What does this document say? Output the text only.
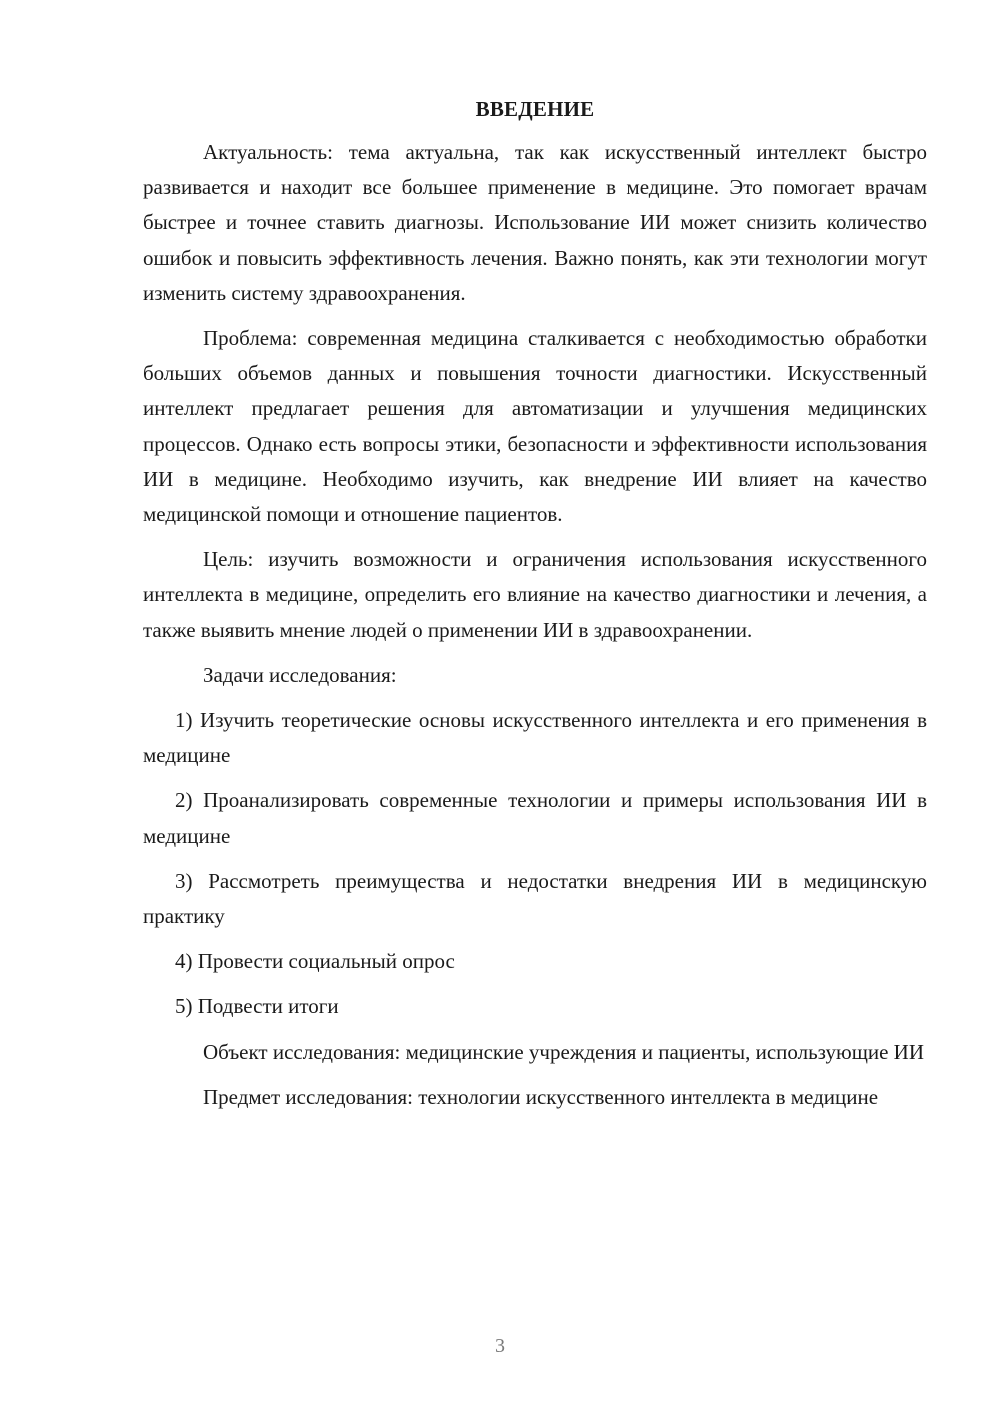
ВВЕДЕНИЕ

Актуальность: тема актуальна, так как искусственный интеллект быстро развивается и находит все большее применение в медицине. Это помогает врачам быстрее и точнее ставить диагнозы. Использование ИИ может снизить количество ошибок и повысить эффективность лечения. Важно понять, как эти технологии могут изменить систему здравоохранения.

Проблема: современная медицина сталкивается с необходимостью обработки больших объемов данных и повышения точности диагностики. Искусственный интеллект предлагает решения для автоматизации и улучшения медицинских процессов. Однако есть вопросы этики, безопасности и эффективности использования ИИ в медицине. Необходимо изучить, как внедрение ИИ влияет на качество медицинской помощи и отношение пациентов.

Цель: изучить возможности и ограничения использования искусственного интеллекта в медицине, определить его влияние на качество диагностики и лечения, а также выявить мнение людей о применении ИИ в здравоохранении.

Задачи исследования:

1) Изучить теоретические основы искусственного интеллекта и его применения в медицине

2) Проанализировать современные технологии и примеры использования ИИ в медицине

3) Рассмотреть преимущества и недостатки внедрения ИИ в медицинскую практику

4) Провести социальный опрос

5) Подвести итоги

Объект исследования: медицинские учреждения и пациенты, использующие ИИ

Предмет исследования: технологии искусственного интеллекта в медицине

3
